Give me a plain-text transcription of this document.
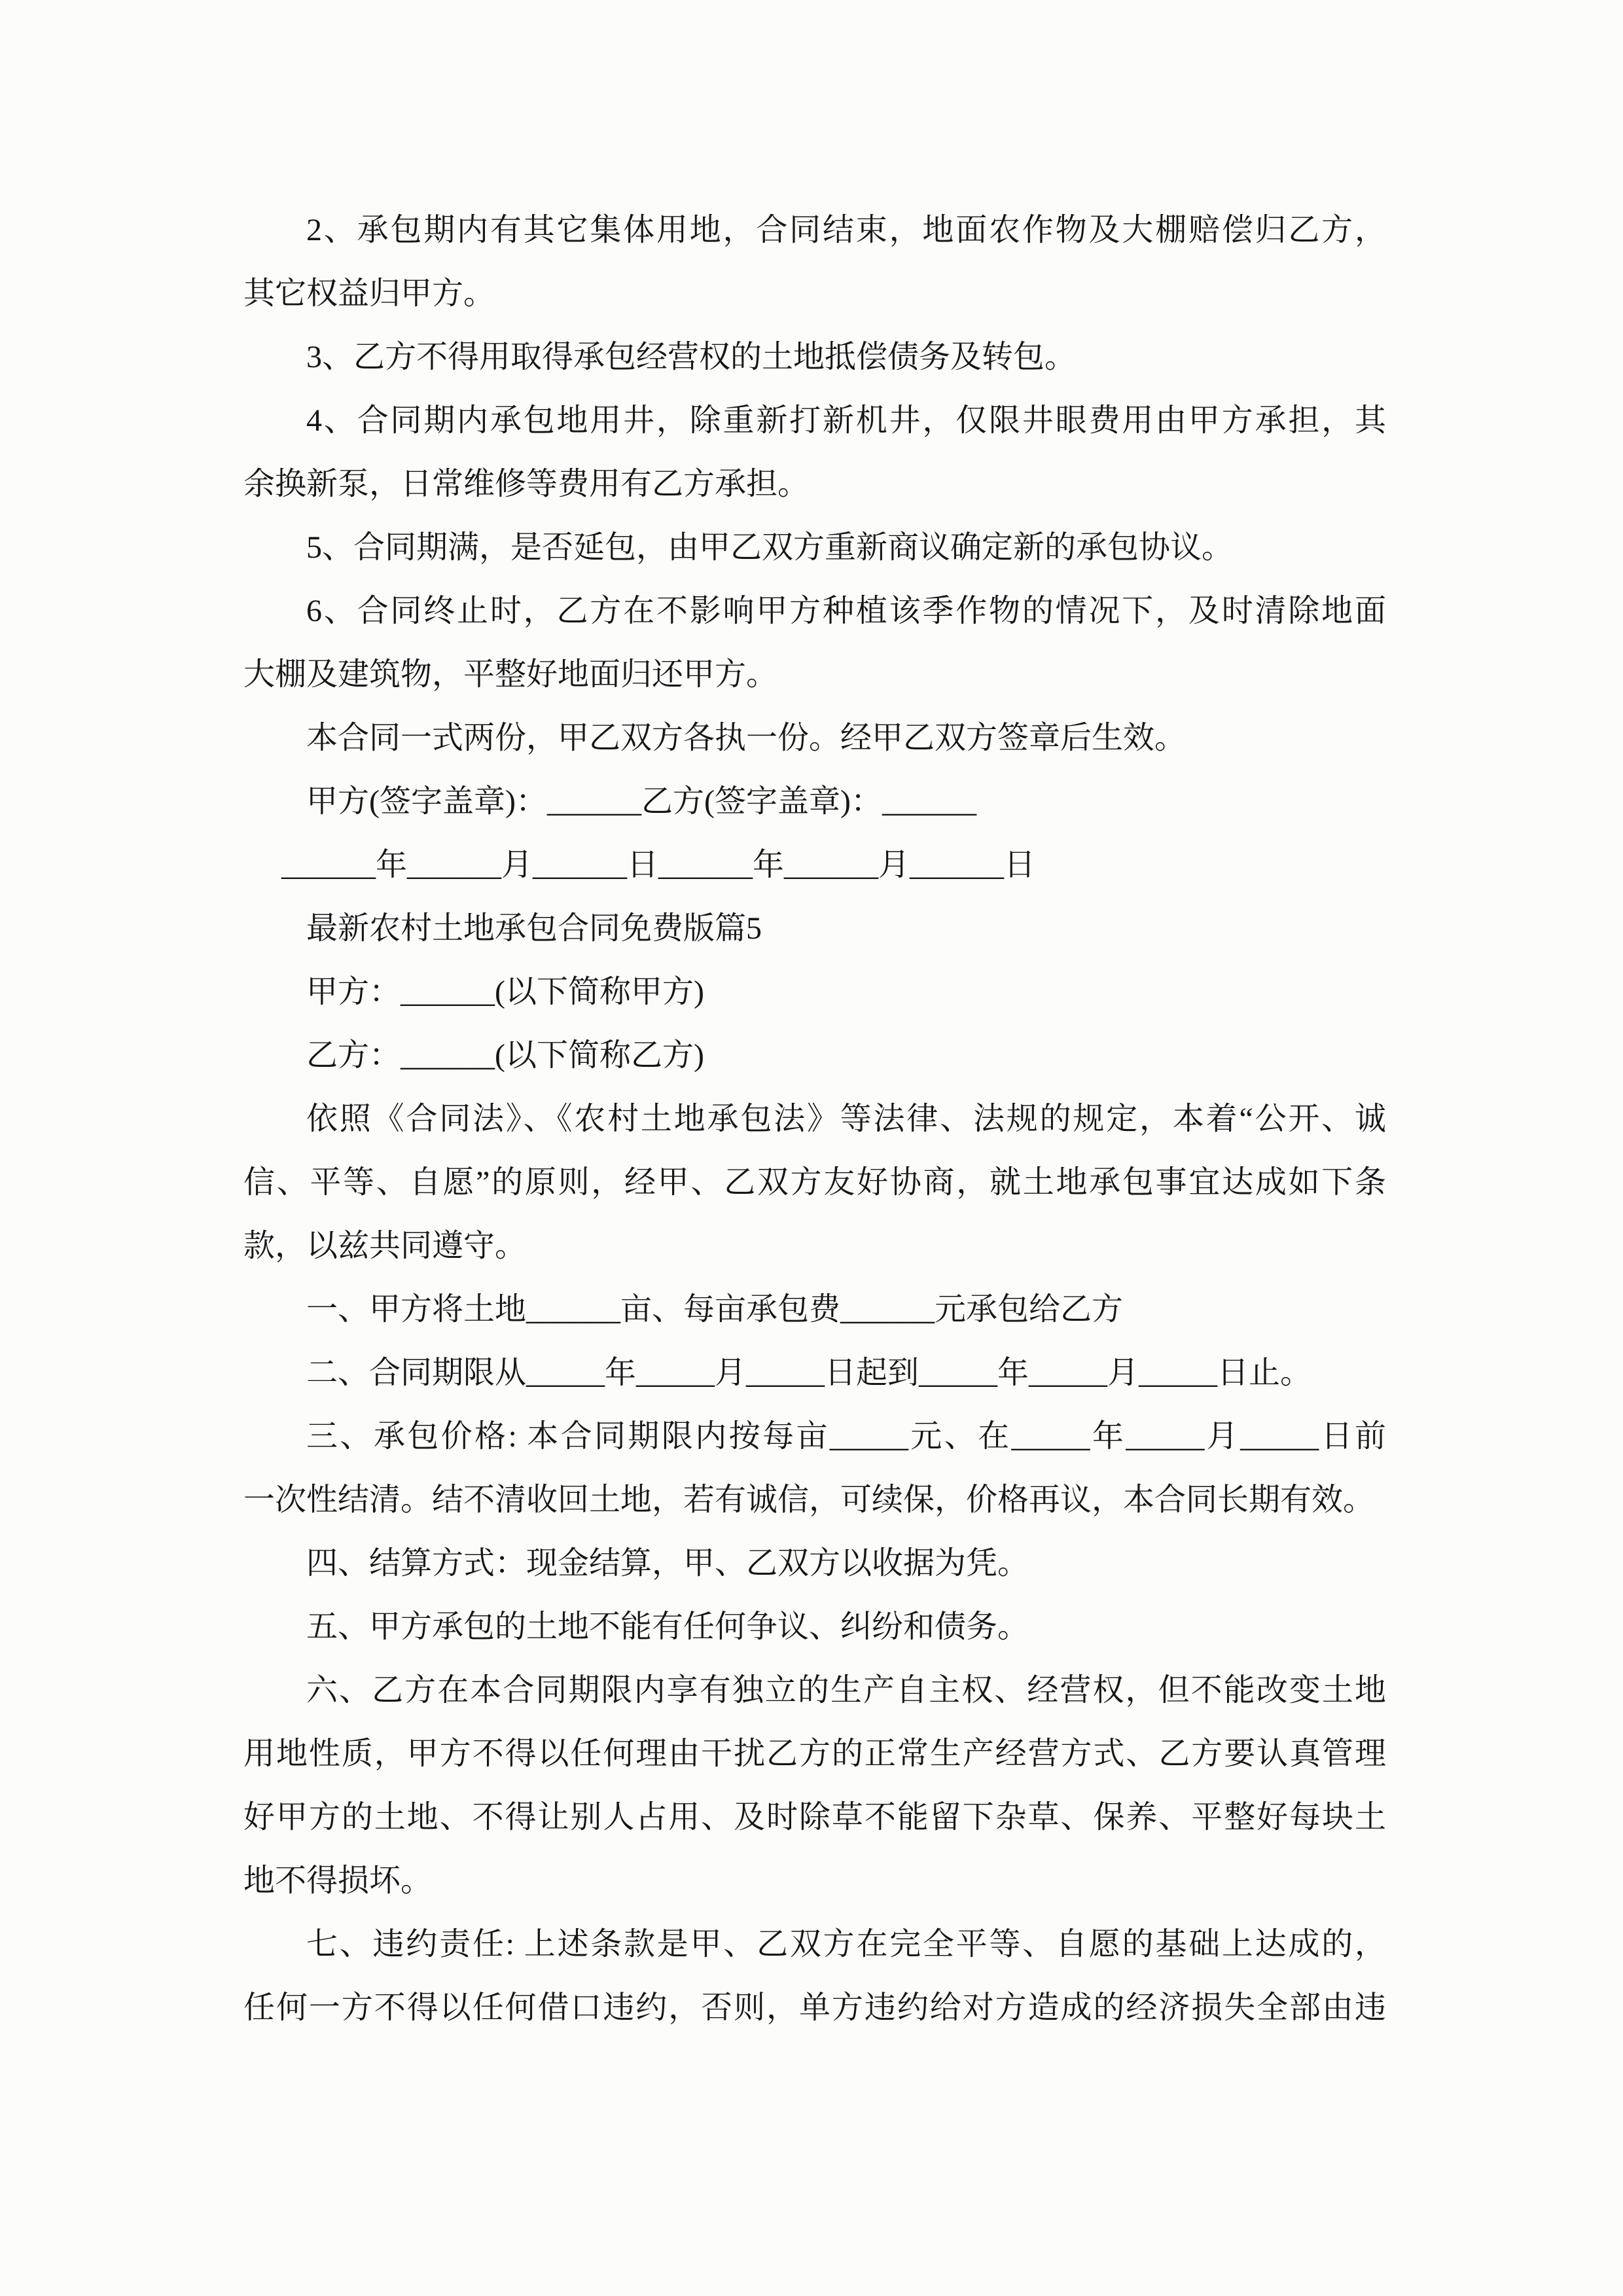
2、承包期内有其它集体用地，合同结束，地面农作物及大棚赔偿归乙方，
其它权益归甲方。
3、乙方不得用取得承包经营权的土地抵偿债务及转包。
4、合同期内承包地用井，除重新打新机井，仅限井眼费用由甲方承担，其
余换新泵，日常维修等费用有乙方承担。
5、合同期满，是否延包，由甲乙双方重新商议确定新的承包协议。
6、合同终止时，乙方在不影响甲方种植该季作物的情况下，及时清除地面
大棚及建筑物，平整好地面归还甲方。
本合同一式两份，甲乙双方各执一份。经甲乙双方签章后生效。
甲方(签字盖章)：______乙方(签字盖章)：______
______年______月______日______年______月______日
最新农村土地承包合同免费版篇5
甲方：______(以下简称甲方)
乙方：______(以下简称乙方)
依照《合同法》、《农村土地承包法》等法律、法规的规定，本着“公开、诚
信、平等、自愿”的原则，经甲、乙双方友好协商，就土地承包事宜达成如下条
款，以兹共同遵守。
一、甲方将土地______亩、每亩承包费______元承包给乙方
二、合同期限从_____年_____月_____日起到_____年_____月_____日止。
三、承包价格: 本合同期限内按每亩_____元、在_____年_____月_____日前
一次性结清。结不清收回土地，若有诚信，可续保，价格再议，本合同长期有效。
四、结算方式：现金结算，甲、乙双方以收据为凭。
五、甲方承包的土地不能有任何争议、纠纷和债务。
六、乙方在本合同期限内享有独立的生产自主权、经营权，但不能改变土地
用地性质，甲方不得以任何理由干扰乙方的正常生产经营方式、乙方要认真管理
好甲方的土地、不得让别人占用、及时除草不能留下杂草、保养、平整好每块土
地不得损坏。
七、违约责任: 上述条款是甲、乙双方在完全平等、自愿的基础上达成的，
任何一方不得以任何借口违约，否则，单方违约给对方造成的经济损失全部由违
